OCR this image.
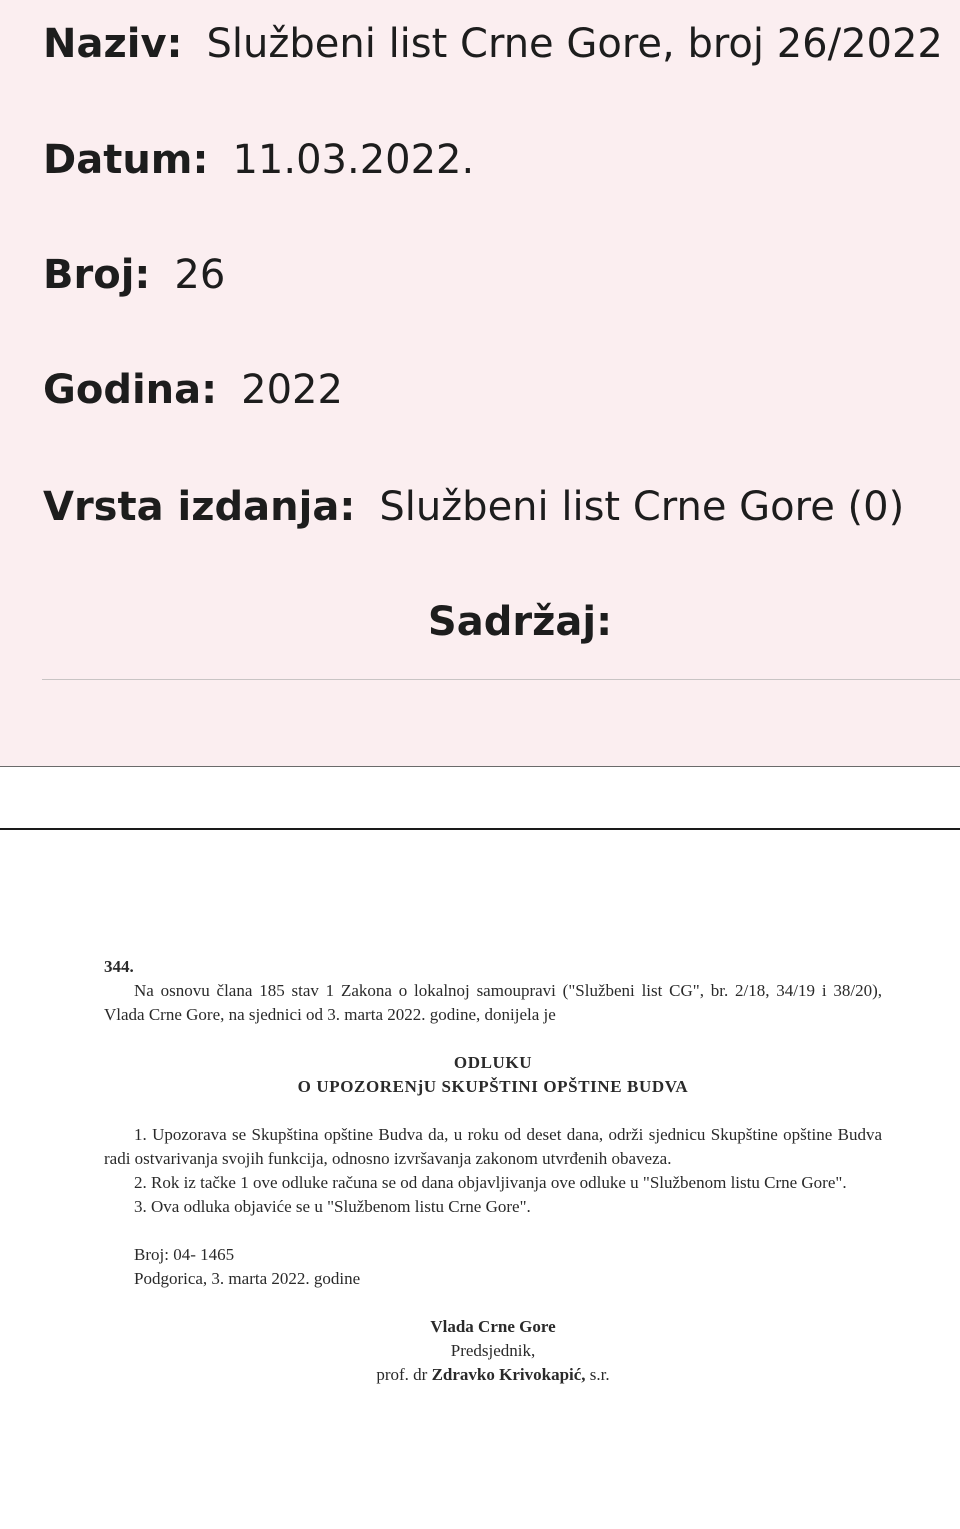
Naziv: Službeni list Crne Gore, broj 26/2022
Datum: 11.03.2022.
Broj: 26
Godina: 2022
Vrsta izdanja: Službeni list Crne Gore (0)
Sadržaj:

344.

Na osnovu člana 185 stav 1 Zakona o lokalnoj samoupravi ("Službeni list CG", br. 2/18, 34/19 i 38/20), Vlada Crne Gore, na sjednici od 3. marta 2022. godine, donijela je

ODLUKU

O UPOZORENjU SKUPŠTINI OPŠTINE BUDVA

1. Upozorava se Skupština opštine Budva da, u roku od deset dana, održi sjednicu Skupštine opštine Budva radi ostvarivanja svojih funkcija, odnosno izvršavanja zakonom utvrđenih obaveza.

2. Rok iz tačke 1 ove odluke računa se od dana objavljivanja ove odluke u "Službenom listu Crne Gore".

3. Ova odluka objaviće se u "Službenom listu Crne Gore".

Broj: 04- 1465

Podgorica, 3. marta 2022. godine

Vlada Crne Gore

Predsjednik,

prof. dr Zdravko Krivokapić, s.r.
